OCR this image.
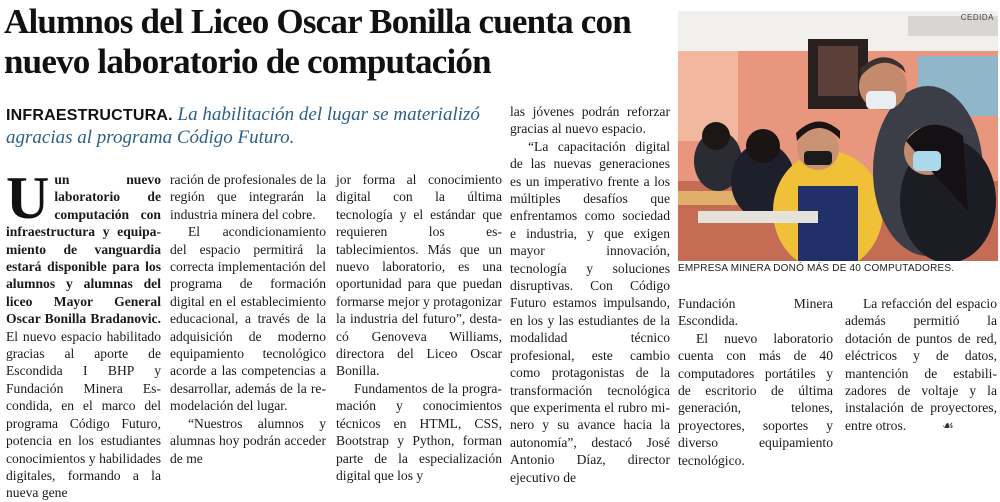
Alumnos del Liceo Oscar Bonilla cuenta con nuevo laboratorio de computación

INFRAESTRUCTURA. La habilitación del lugar se materializó agracias al programa Código Futuro.

Uun nuevo laboratorio de computación con infraestructura y equipamiento de vanguardia estará disponible para los alumnos y alumnas del liceo Mayor General Oscar Bonilla Bradanovic. El nuevo espacio habilitado gracias al aporte de Escondida I BHP y Fundación Minera Escondida, en el marco del programa Código Futuro, potencia en los estudiantes conocimientos y habilidades digitales, formando a la nueva gene

ración de profesionales de la región que integrarán la industria minera del cobre.

El acondicionamiento del espacio permitirá la correcta implementación del programa de formación digital en el establecimiento educacional, a través de la adquisición de moderno equipamiento tecnológico acorde a las competencias a desarrollar, además de la remodelación del lugar.

“Nuestros alumnos y alumnas hoy podrán acceder de me

jor forma al conocimiento digital con la última tecnología y el estándar que requieren los establecimientos. Más que un nuevo laboratorio, es una oportunidad para que puedan formarse mejor y protagonizar la industria del futuro”, destacó Genoveva Williams, directora del Liceo Oscar Bonilla.

Fundamentos de la programación y conocimientos técnicos en HTML, CSS, Bootstrap y Python, forman parte de la especialización digital que los y

las jóvenes podrán reforzar gracias al nuevo espacio.

“La capacitación digital de las nuevas generaciones es un imperativo frente a los múltiples desafíos que enfrentamos como sociedad e industria, y que exigen mayor innovación, tecnología y soluciones disruptivas. Con Código Futuro estamos impulsando, en los y las estudiantes de la modalidad técnico profesional, este cambio como protagonistas de la transformación tecnológica que experimenta el rubro minero y su avance hacia la autonomía”, destacó José Antonio Díaz, director ejecutivo de

CEDIDA
EMPRESA MINERA DONÓ MÁS DE 40 COMPUTADORES.

Fundación Minera Escondida.

El nuevo laboratorio cuenta con más de 40 computadores portátiles y de escritorio de última generación, telones, proyectores, soportes y diverso equipamiento tecnológico.

La refacción del espacio además permitió la dotación de puntos de red, eléctricos y de datos, mantención de estabilizadores de voltaje y la instalación de proyectores, entre otros.	☙
